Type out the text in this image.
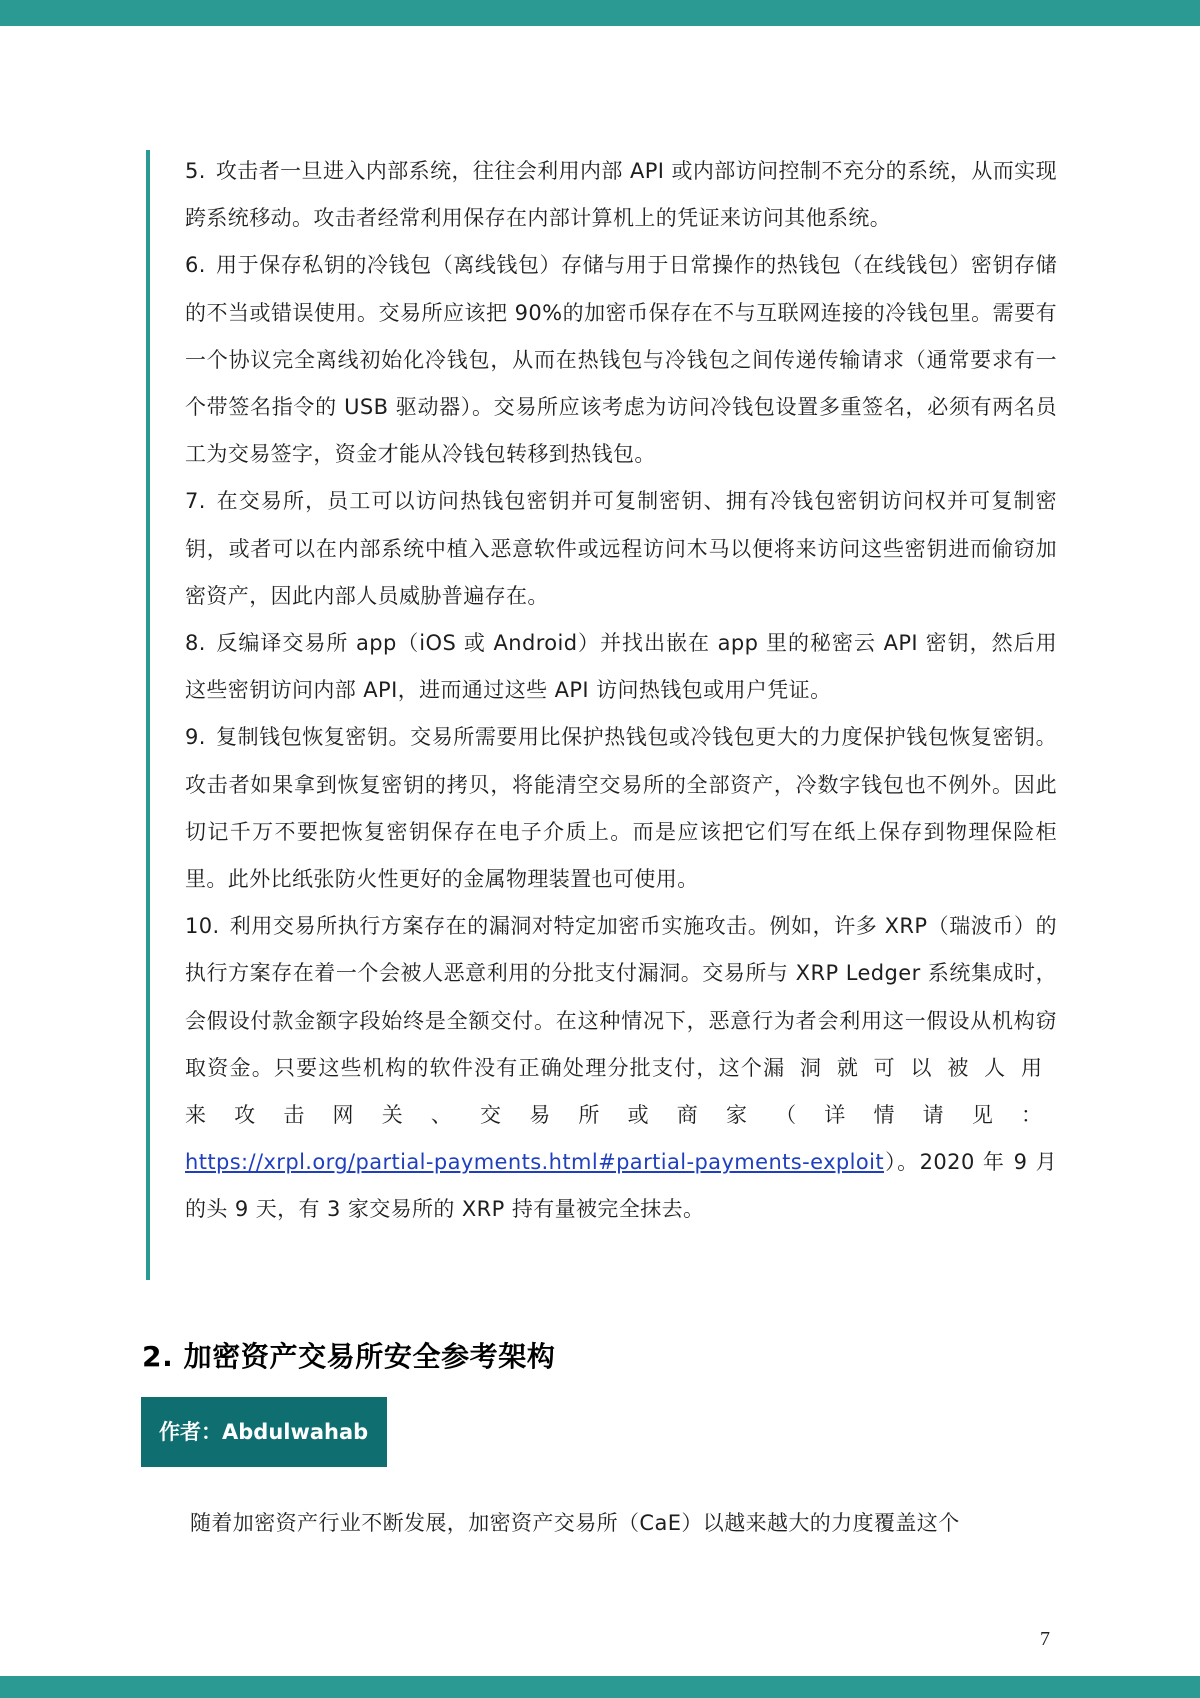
5. 攻击者一旦进入内部系统，往往会利用内部 API 或内部访问控制不充分的系统，从而实现跨系统移动。攻击者经常利用保存在内部计算机上的凭证来访问其他系统。

6. 用于保存私钥的冷钱包（离线钱包）存储与用于日常操作的热钱包（在线钱包）密钥存储的不当或错误使用。交易所应该把 90%的加密币保存在不与互联网连接的冷钱包里。需要有一个协议完全离线初始化冷钱包，从而在热钱包与冷钱包之间传递传输请求（通常要求有一个带签名指令的 USB 驱动器）。交易所应该考虑为访问冷钱包设置多重签名，必须有两名员工为交易签字，资金才能从冷钱包转移到热钱包。

7. 在交易所，员工可以访问热钱包密钥并可复制密钥、拥有冷钱包密钥访问权并可复制密钥，或者可以在内部系统中植入恶意软件或远程访问木马以便将来访问这些密钥进而偷窃加密资产，因此内部人员威胁普遍存在。

8. 反编译交易所 app（iOS 或 Android）并找出嵌在 app 里的秘密云 API 密钥，然后用这些密钥访问内部 API，进而通过这些 API 访问热钱包或用户凭证。

9. 复制钱包恢复密钥。交易所需要用比保护热钱包或冷钱包更大的力度保护钱包恢复密钥。攻击者如果拿到恢复密钥的拷贝，将能清空交易所的全部资产，冷数字钱包也不例外。因此切记千万不要把恢复密钥保存在电子介质上。而是应该把它们写在纸上保存到物理保险柜里。此外比纸张防火性更好的金属物理装置也可使用。

10. 利用交易所执行方案存在的漏洞对特定加密币实施攻击。例如，许多 XRP（瑞波币）的执行方案存在着一个会被人恶意利用的分批支付漏洞。交易所与 XRP Ledger 系统集成时，会假设付款金额字段始终是全额交付。在这种情况下，恶意行为者会利用这一假设从机构窃取资金。只要这些机构的软件没有正确处理分批支付，这个漏洞就可以被人用来攻击网关、交易所或商家（详情请见：https://xrpl.org/partial-payments.html#partial-payments-exploit）。2020 年 9 月的头 9 天，有 3 家交易所的 XRP 持有量被完全抹去。

2. 加密资产交易所安全参考架构
作者：Abdulwahab Z

随着加密资产行业不断发展，加密资产交易所（CaE）以越来越大的力度覆盖这个

7
